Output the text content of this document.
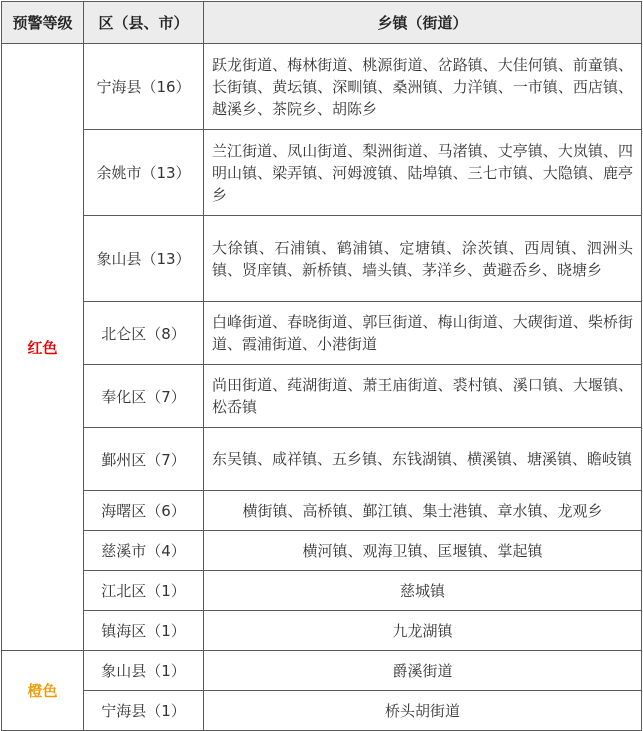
预警等级	区（县、市）	乡镇（街道）
红色	宁海县（16）	跃龙街道、梅林街道、桃源街道、岔路镇、大佳何镇、前童镇、长街镇、黄坛镇、深甽镇、桑洲镇、力洋镇、一市镇、西店镇、越溪乡、茶院乡、胡陈乡
	余姚市（13）	兰江街道、凤山街道、梨洲街道、马渚镇、丈亭镇、大岚镇、四明山镇、梁弄镇、河姆渡镇、陆埠镇、三七市镇、大隐镇、鹿亭乡
	象山县（13）	大徐镇、石浦镇、鹤浦镇、定塘镇、涂茨镇、西周镇、泗洲头镇、贤庠镇、新桥镇、墙头镇、茅洋乡、黄避岙乡、晓塘乡
	北仑区（8）	白峰街道、春晓街道、郭巨街道、梅山街道、大碶街道、柴桥街道、霞浦街道、小港街道
	奉化区（7）	尚田街道、莼湖街道、萧王庙街道、裘村镇、溪口镇、大堰镇、松岙镇
	鄞州区（7）	东吴镇、咸祥镇、五乡镇、东钱湖镇、横溪镇、塘溪镇、瞻岐镇
	海曙区（6）	横街镇、高桥镇、鄞江镇、集士港镇、章水镇、龙观乡
	慈溪市（4）	横河镇、观海卫镇、匡堰镇、掌起镇
	江北区（1）	慈城镇
	镇海区（1）	九龙湖镇
橙色	象山县（1）	爵溪街道
	宁海县（1）	桥头胡街道
